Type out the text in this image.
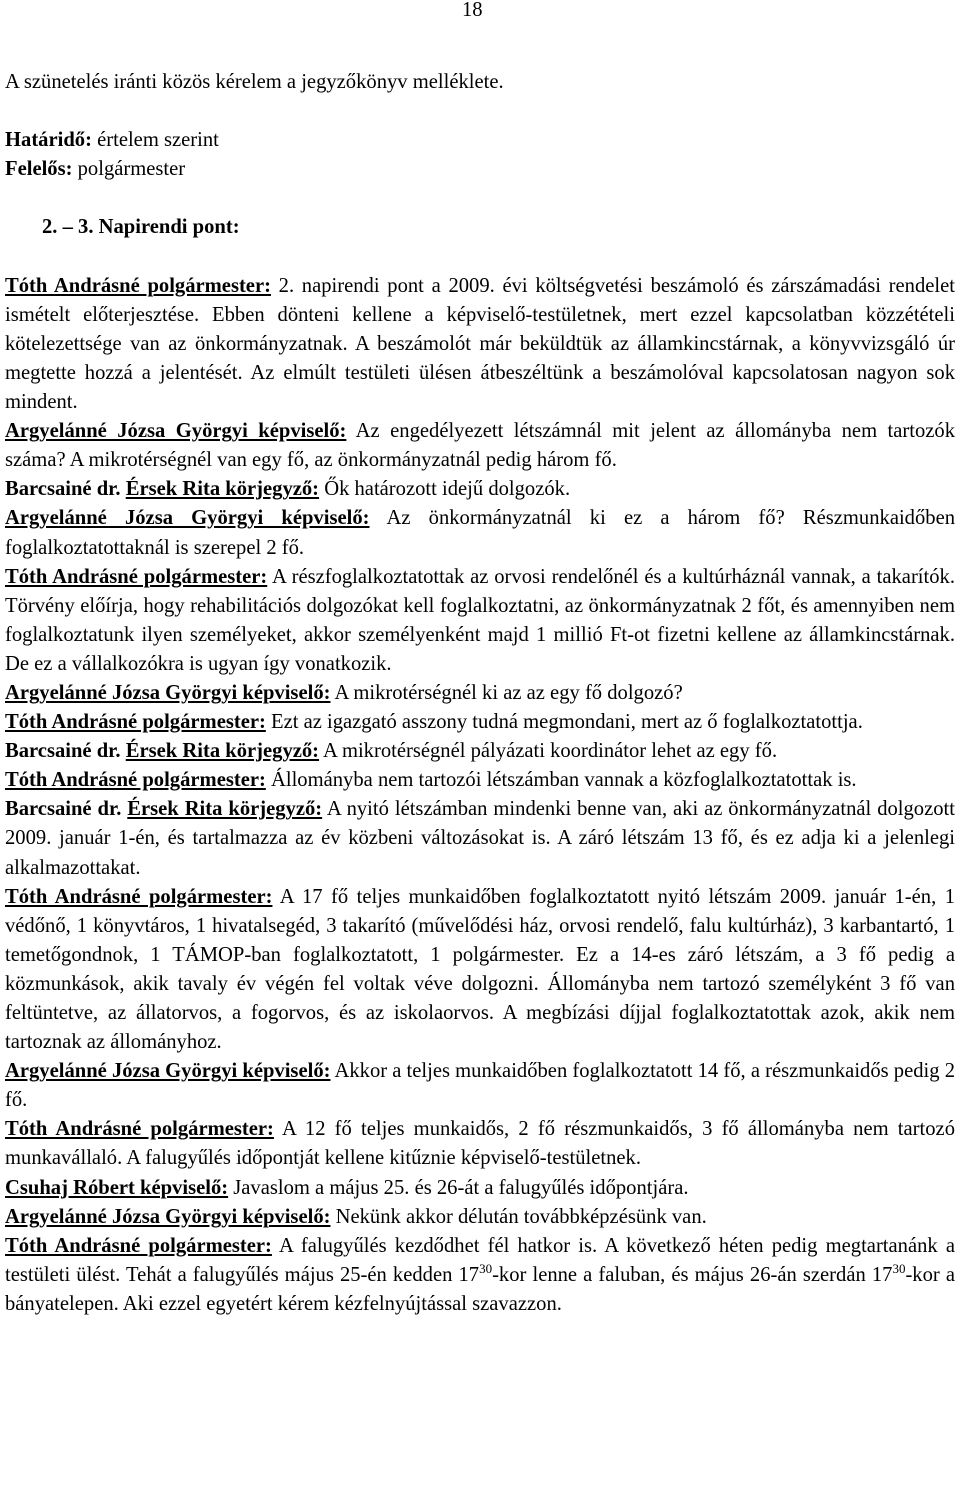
18

A szünetelés iránti közös kérelem a jegyzőkönyv melléklete.

Határidő: értelem szerint

Felelős: polgármester

2. – 3. Napirendi pont:

Tóth Andrásné polgármester: 2. napirendi pont a 2009. évi költségvetési beszámoló és zárszámadási rendelet ismételt előterjesztése. Ebben dönteni kellene a képviselő-testületnek, mert ezzel kapcsolatban közzétételi kötelezettsége van az önkormányzatnak. A beszámolót már beküldtük az államkincstárnak, a könyvvizsgáló úr megtette hozzá a jelentését. Az elmúlt testületi ülésen átbeszéltünk a beszámolóval kapcsolatosan nagyon sok mindent.

Argyelánné Józsa Györgyi képviselő: Az engedélyezett létszámnál mit jelent az állományba nem tartozók száma? A mikrotérségnél van egy fő, az önkormányzatnál pedig három fő.

Barcsainé dr. Érsek Rita körjegyző: Ők határozott idejű dolgozók.

Argyelánné Józsa Györgyi képviselő: Az önkormányzatnál ki ez a három fő? Részmunkaidőben foglalkoztatottaknál is szerepel 2 fő.

Tóth Andrásné polgármester: A részfoglalkoztatottak az orvosi rendelőnél és a kultúrháznál vannak, a takarítók. Törvény előírja, hogy rehabilitációs dolgozókat kell foglalkoztatni, az önkormányzatnak 2 főt, és amennyiben nem foglalkoztatunk ilyen személyeket, akkor személyenként majd 1 millió Ft-ot fizetni kellene az államkincstárnak. De ez a vállalkozókra is ugyan így vonatkozik.

Argyelánné Józsa Györgyi képviselő: A mikrotérségnél ki az az egy fő dolgozó?

Tóth Andrásné polgármester: Ezt az igazgató asszony tudná megmondani, mert az ő foglalkoztatottja.

Barcsainé dr. Érsek Rita körjegyző: A mikrotérségnél pályázati koordinátor lehet az egy fő.

Tóth Andrásné polgármester: Állományba nem tartozói létszámban vannak a közfoglalkoztatottak is.

Barcsainé dr. Érsek Rita körjegyző: A nyitó létszámban mindenki benne van, aki az önkormányzatnál dolgozott 2009. január 1-én, és tartalmazza az év közbeni változásokat is. A záró létszám 13 fő, és ez adja ki a jelenlegi alkalmazottakat.

Tóth Andrásné polgármester: A 17 fő teljes munkaidőben foglalkoztatott nyitó létszám 2009. január 1-én, 1 védőnő, 1 könyvtáros, 1 hivatalsegéd, 3 takarító (művelődési ház, orvosi rendelő, falu kultúrház), 3 karbantartó, 1 temetőgondnok, 1 TÁMOP-ban foglalkoztatott, 1 polgármester. Ez a 14-es záró létszám, a 3 fő pedig a közmunkások, akik tavaly év végén fel voltak véve dolgozni. Állományba nem tartozó személyként 3 fő van feltüntetve, az állatorvos, a fogorvos, és az iskolaorvos. A megbízási díjjal foglalkoztatottak azok, akik nem tartoznak az állományhoz.

Argyelánné Józsa Györgyi képviselő: Akkor a teljes munkaidőben foglalkoztatott 14 fő, a részmunkaidős pedig 2 fő.

Tóth Andrásné polgármester: A 12 fő teljes munkaidős, 2 fő részmunkaidős, 3 fő állományba nem tartozó munkavállaló. A falugyűlés időpontját kellene kitűznie képviselő-testületnek.

Csuhaj Róbert képviselő: Javaslom a május 25. és 26-át a falugyűlés időpontjára.

Argyelánné Józsa Györgyi képviselő: Nekünk akkor délután továbbképzésünk van.

Tóth Andrásné polgármester: A falugyűlés kezdődhet fél hatkor is. A következő héten pedig megtartanánk a testületi ülést. Tehát a falugyűlés május 25-én kedden $17^{30}$-kor lenne a faluban, és május 26-án szerdán $17^{30}$-kor a bányatelepen. Aki ezzel egyetért kérem kézfelnyújtással szavazzon.
